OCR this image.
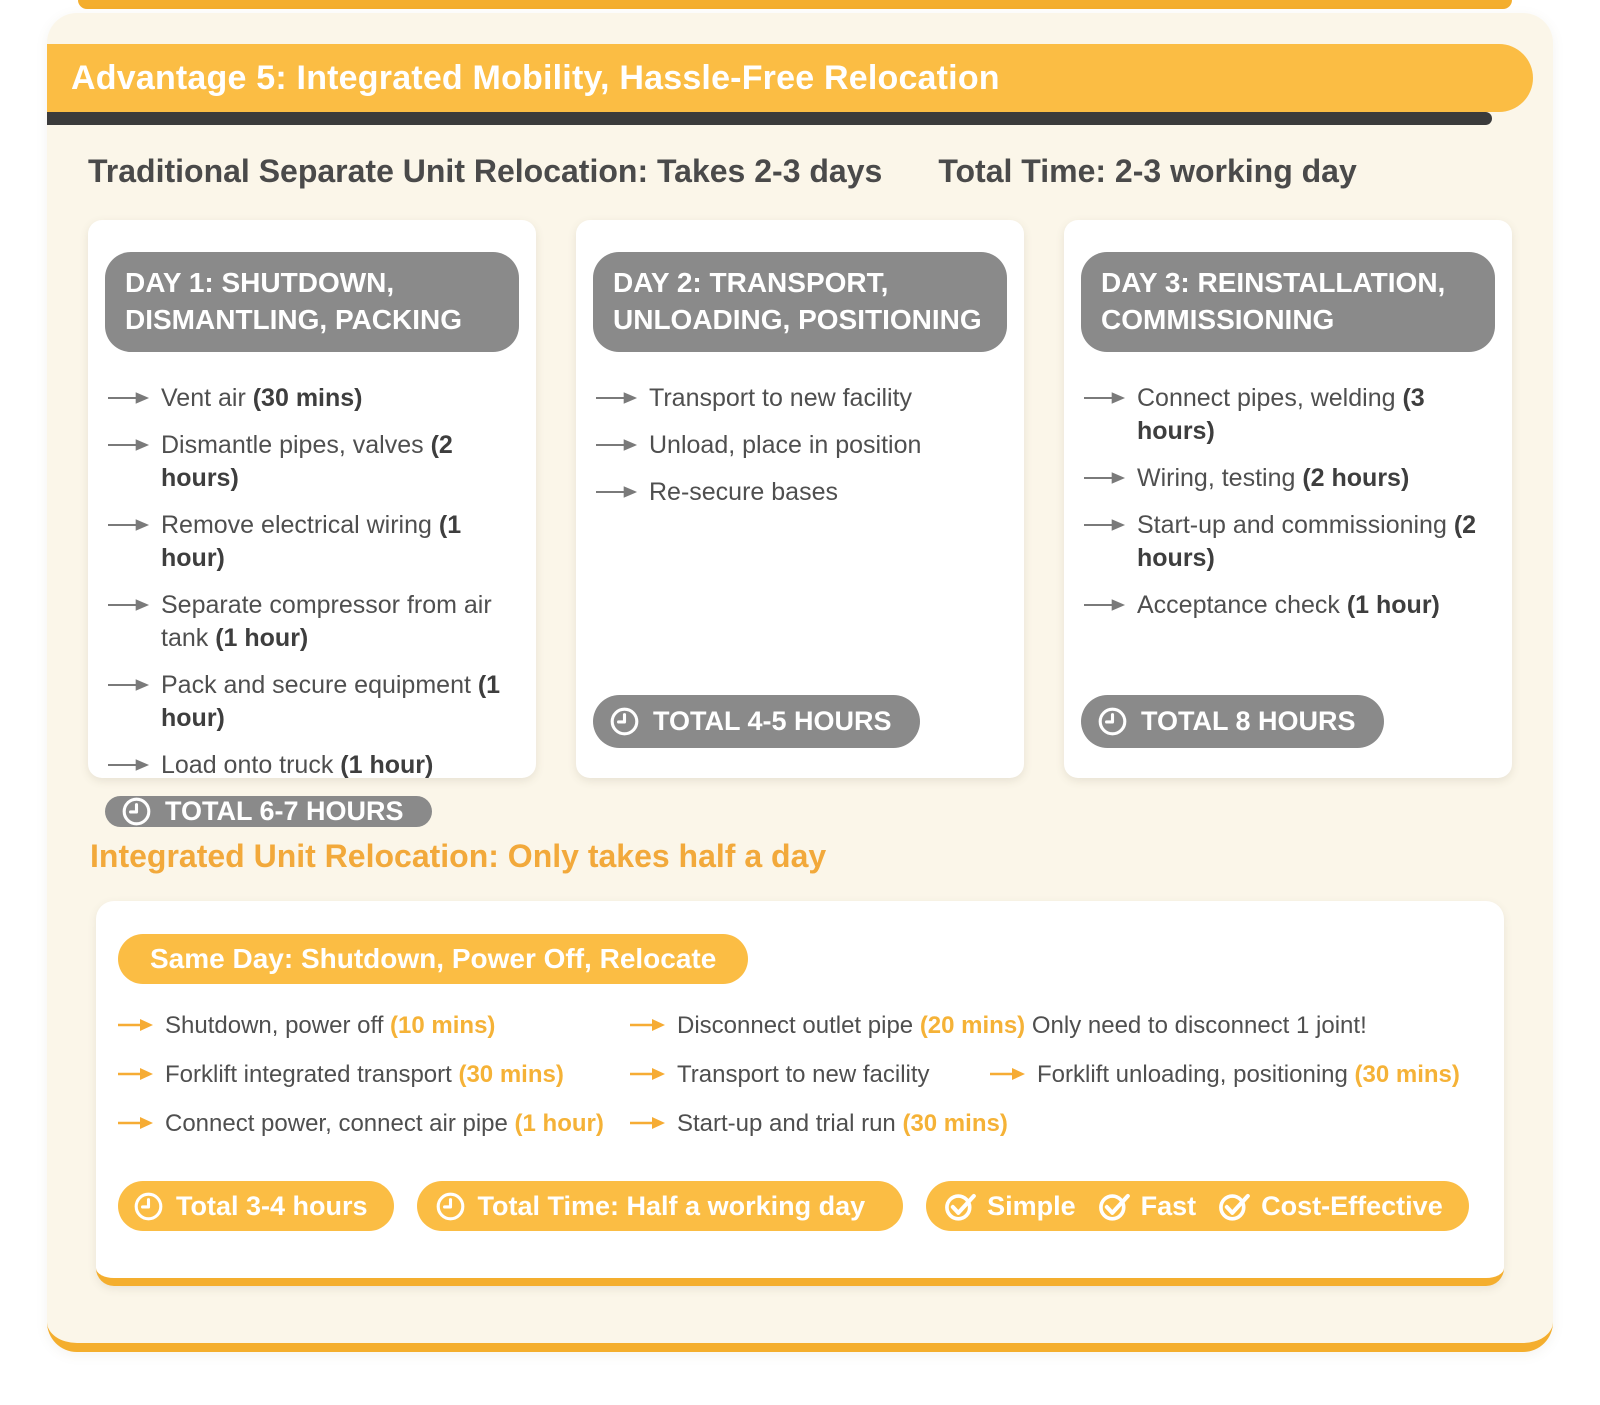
Advantage 5: Integrated Mobility, Hassle-Free Relocation
Traditional Separate Unit Relocation: Takes 2-3 days Total Time: 2-3 working day
DAY 1: SHUTDOWN, DISMANTLING, PACKING
Vent air (30 mins)
Dismantle pipes, valves (2 hours)
Remove electrical wiring (1 hour)
Separate compressor from air tank (1 hour)
Pack and secure equipment (1 hour)
Load onto truck (1 hour)
TOTAL 6-7 HOURS
DAY 2: TRANSPORT, UNLOADING, POSITIONING
Transport to new facility
Unload, place in position
Re-secure bases
TOTAL 4-5 HOURS
DAY 3: REINSTALLATION, COMMISSIONING
Connect pipes, welding (3 hours)
Wiring, testing (2 hours)
Start-up and commissioning (2 hours)
Acceptance check (1 hour)
TOTAL 8 HOURS
Integrated Unit Relocation: Only takes half a day
Same Day: Shutdown, Power Off, Relocate
Shutdown, power off (10 mins)	Disconnect outlet pipe (20 mins) Only need to disconnect 1 joint!
Forklift integrated transport (30 mins)	Transport to new facility	Forklift unloading, positioning (30 mins)
Connect power, connect air pipe (1 hour)	Start-up and trial run (30 mins)
Total 3-4 hours	Total Time: Half a working day	Simple Fast Cost-Effective
